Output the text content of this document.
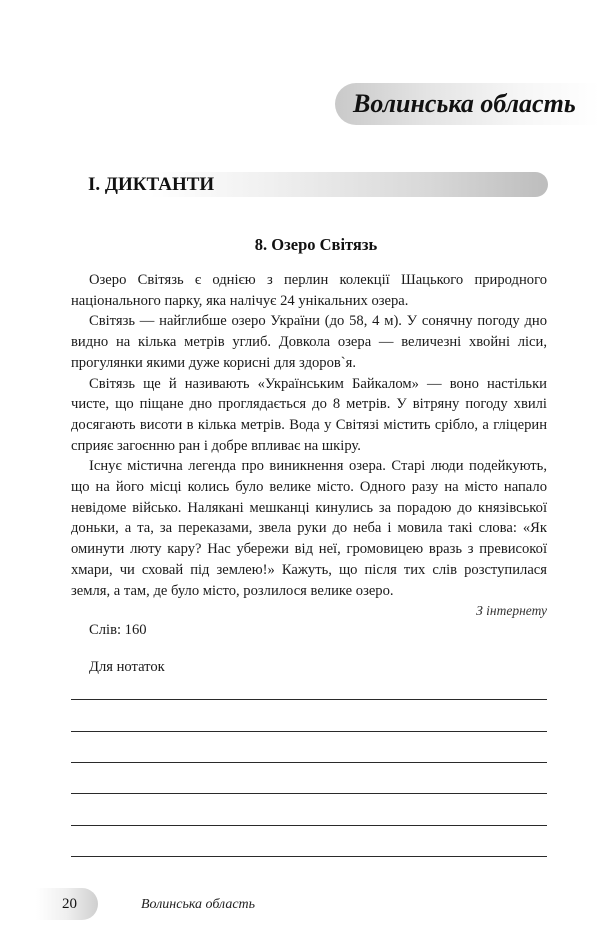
Волинська область
І. ДИКТАНТИ
8. Озеро Світязь

Озеро Світязь є однією з перлин колекції Шацького природного національного парку, яка налічує 24 унікальних озера.

Світязь — найглибше озеро України (до 58, 4 м). У сонячну погоду дно видно на кілька метрів углиб. Довкола озера — величезні хвойні ліси, прогулянки якими дуже корисні для здоров`я.

Світязь ще й називають «Українським Байкалом» — воно настільки чисте, що піщане дно проглядається до 8 метрів. У вітряну погоду хвилі досягають висоти в кілька метрів. Вода у Світязі містить срібло, а гліцерин сприяє загоєнню ран і добре впливає на шкіру.

Існує містична легенда про виникнення озера. Старі люди подейкують, що на його місці колись було велике місто. Одного разу на місто напало невідоме військо. Налякані мешканці кинулись за порадою до князівської доньки, а та, за переказами, звела руки до неба і мовила такі слова: «Як оминути люту кару? Нас убережи від неї, громовицею вразь з превисокої хмари, чи сховай під землею!» Кажуть, що після тих слів розступилася земля, а там, де було місто, розлилося велике озеро.

З інтернету
Слів: 160
Для нотаток
20	Волинська область
